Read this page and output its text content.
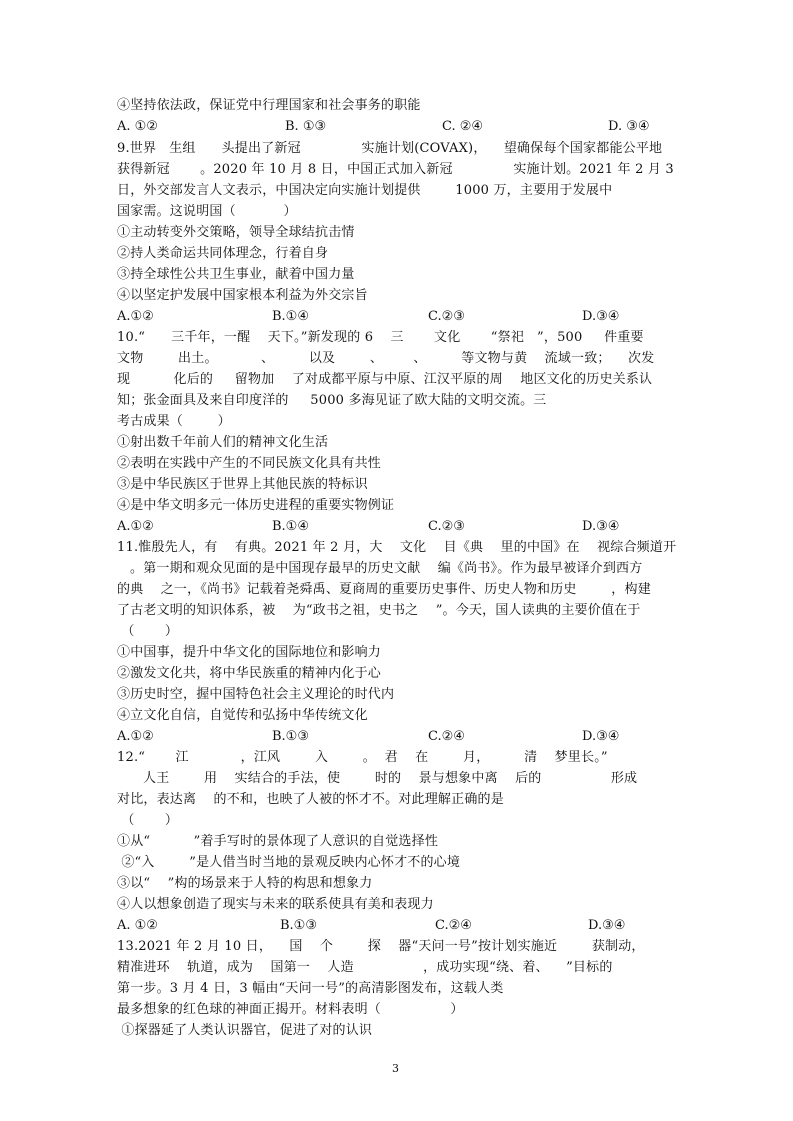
④坚持依法政，保证党中行理国家和社会事务的职能
A. ①②	B. ①③	C. ②④	D. ③④
9.世界   生组      头提出了新冠              实施计划(COVAX)，    望确保每个国家都能公平地
获得新冠       。2020 年 10 月 8 日，中国正式加入新冠              实施计划。2021 年 2 月 3
日，外交部发言人文表示，中国决定向实施计划提供        1000 万，主要用于发展中
国家需。这说明国（           ）
①主动转变外交策略，领导全球结抗击情
②持人类命运共同体理念，行着自身
③持全球性公共卫生事业，献着中国力量
④以坚定护发展中国家根本利益为外交宗旨
A.①②	B.①④	C.②③	D.③④
10.“      三千年，一醒    天下。”新发现的 6    三       文化       “祭祀   ”，500     件重要
文物        出土。          、        以及        、       、        等文物与黄    流域一致；    次发
现          化后的     留物加    了对成都平原与中原、江汉平原的周    地区文化的历史关系认
知；张金面具及来自印度洋的     5000 多海见证了欧大陆的文明交流。三
考古成果（        ）
①射出数千年前人们的精神文化生活
②表明在实践中产生的不同民族文化具有共性
③是中华民族区于世界上其他民族的特标识
④是中华文明多元一体历史进程的重要实物例证
A.①②	B.①④	C.②③	D.③④
11.惟殷先人，有    有典。2021 年 2 月，大    文化    目《典    里的中国》在    视综合频道开
。第一期和观众见面的是中国现存最早的历史文献    编《尚书》。作为最早被译介到西方
的典    之一，《尚书》记载着尧舜禹、夏商周的重要历史事件、历史人物和历史        ，构建
了古老文明的知识体系，被    为“政书之祖，史书之    ”。今天，国人读典的主要价值在于
（       ）
①中国事，提升中华文化的国际地位和影响力
②激发文化共，将中华民族重的精神内化于心
③历史时空，握中国特色社会主义理论的时代内
④立文化自信，自觉传和弘扬中华传统文化
A.①②	B.①③	C.②④	D.③④
12.“       江            ，江风        入        。  君    在        月，        清    梦里长。”
人王        用    实结合的手法，使        时的    景与想象中离    后的                形成
对比，表达离    的不和，也映了人被的怀才不。对此理解正确的是
（       ）
①从“          ”着手写时的景体现了人意识的自觉选择性
②“入        ”是人借当时当地的景观反映内心怀才不的心境
③以“    ”构的场景来于人特的构思和想象力
④人以想象创造了现实与未来的联系使具有美和表现力
A. ①②	B.①③	C.②④	D.③④
13.2021 年 2 月 10 日，    国    个        探    器“天问一号”按计划实施近        获制动，
精准进环    轨道，成为    国第一    人造                ，成功实现“绕、着、    ”目标的
第一步。3 月 4 日，3 幅由“天问一号”的高清影图发布，这载人类
最多想象的红色球的神面正揭开。材料表明（                ）
①探器延了人类认识器官，促进了对的认识
3
